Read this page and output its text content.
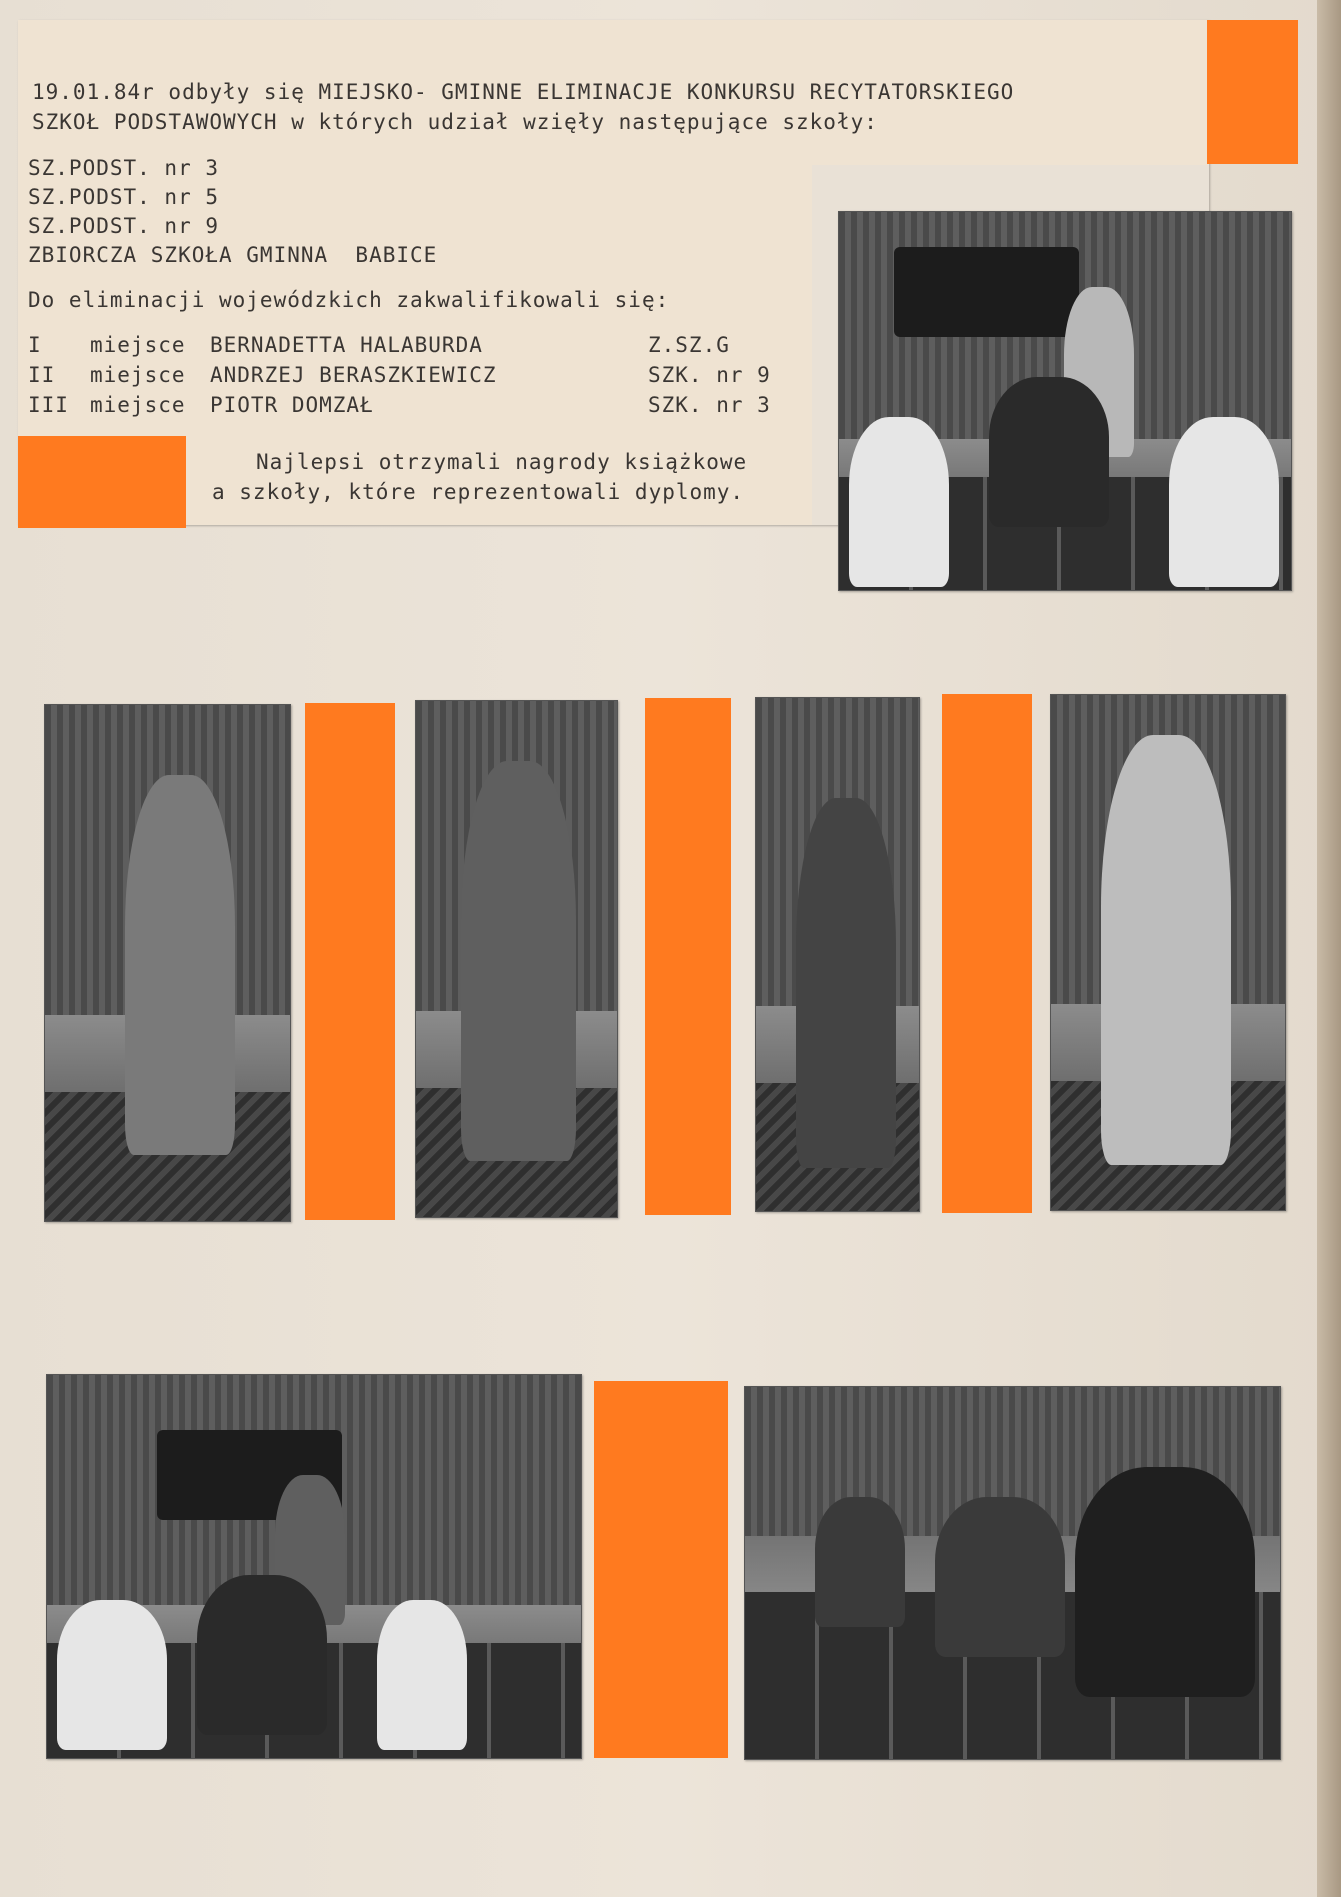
19.01.84r odbyły się MIEJSKO- GMINNE ELIMINACJE KONKURSU RECYTATORSKIEGO
SZKOŁ PODSTAWOWYCH w których udział wzięły następujące szkoły:
SZ.PODST. nr 3
SZ.PODST. nr 5
SZ.PODST. nr 9
ZBIORCZA SZKOŁA GMINNA  BABICE
Do eliminacji wojewódzkich zakwalifikowali się:
I miejsce BERNADETTA HALABURDA	Z.SZ.G
II miejsce ANDRZEJ BERASZKIEWICZ	SZK. nr 9
III miejsce PIOTR DOMZAŁ	SZK. nr 3
Najlepsi otrzymali nagrody książkowe
a szkoły, które reprezentowali dyplomy.
